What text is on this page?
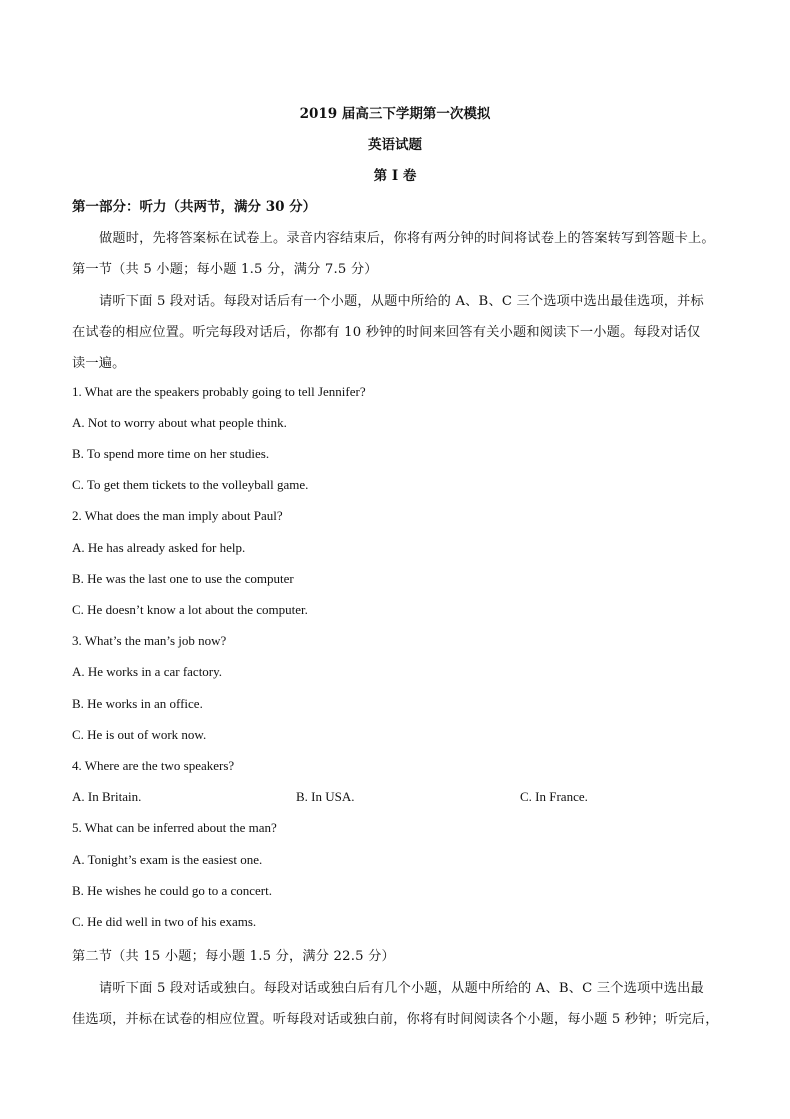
2019 届高三下学期第一次模拟
英语试题
第 I 卷
第一部分：听力（共两节，满分 30 分）
做题时，先将答案标在试卷上。录音内容结束后，你将有两分钟的时间将试卷上的答案转写到答题卡上。
第一节（共 5 小题；每小题 1.5 分，满分 7.5 分）
请听下面 5 段对话。每段对话后有一个小题，从题中所给的 A、B、C 三个选项中选出最佳选项，并标
在试卷的相应位置。听完每段对话后，你都有 10 秒钟的时间来回答有关小题和阅读下一小题。每段对话仅
读一遍。
1. What are the speakers probably going to tell Jennifer?
A. Not to worry about what people think.
B. To spend more time on her studies.
C. To get them tickets to the volleyball game.
2. What does the man imply about Paul?
A. He has already asked for help.
B. He was the last one to use the computer
C. He doesn’t know a lot about the computer.
3. What’s the man’s job now?
A. He works in a car factory.
B. He works in an office.
C. He is out of work now.
4. Where are the two speakers?
A. In Britain.	B. In USA.	C. In France.
5. What can be inferred about the man?
A. Tonight’s exam is the easiest one.
B. He wishes he could go to a concert.
C. He did well in two of his exams.
第二节（共 15 小题；每小题 1.5 分，满分 22.5 分）
请听下面 5 段对话或独白。每段对话或独白后有几个小题，从题中所给的 A、B、C 三个选项中选出最
佳选项，并标在试卷的相应位置。听每段对话或独白前，你将有时间阅读各个小题，每小题 5 秒钟；听完后，
